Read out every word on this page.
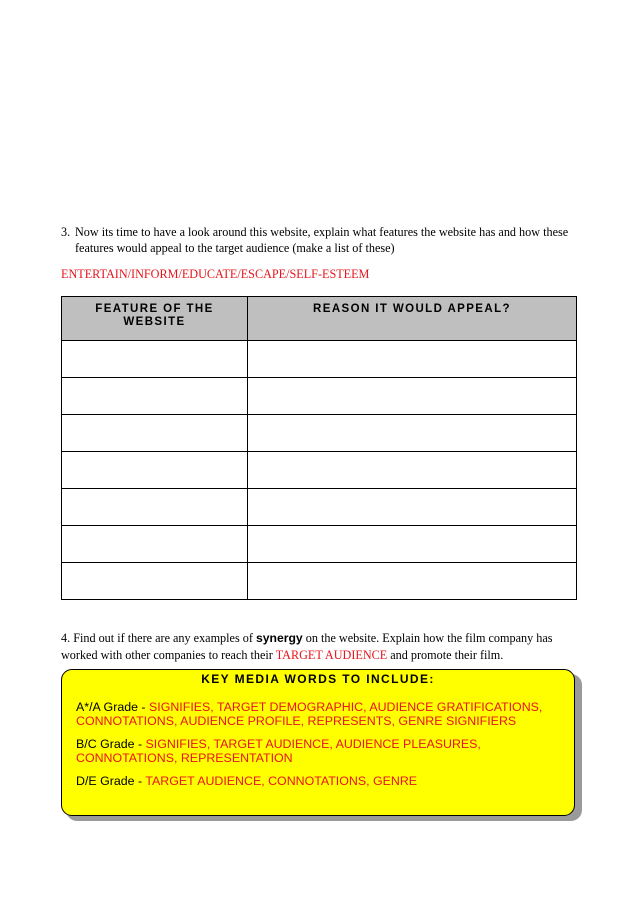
3. Now its time to have a look around this website, explain what features the website has and how these features would appeal to the target audience (make a list of these)
ENTERTAIN/INFORM/EDUCATE/ESCAPE/SELF-ESTEEM
FEATURE OF THE WEBSITE	REASON IT WOULD APPEAL?

4. Find out if there are any examples of synergy on the website. Explain how the film company has worked with other companies to reach their TARGET AUDIENCE and promote their film.
KEY MEDIA WORDS TO INCLUDE:
A*/A Grade - SIGNIFIES, TARGET DEMOGRAPHIC, AUDIENCE GRATIFICATIONS, CONNOTATIONS, AUDIENCE PROFILE, REPRESENTS, GENRE SIGNIFIERS
B/C Grade - SIGNIFIES, TARGET AUDIENCE, AUDIENCE PLEASURES, CONNOTATIONS, REPRESENTATION
D/E Grade - TARGET AUDIENCE, CONNOTATIONS, GENRE
